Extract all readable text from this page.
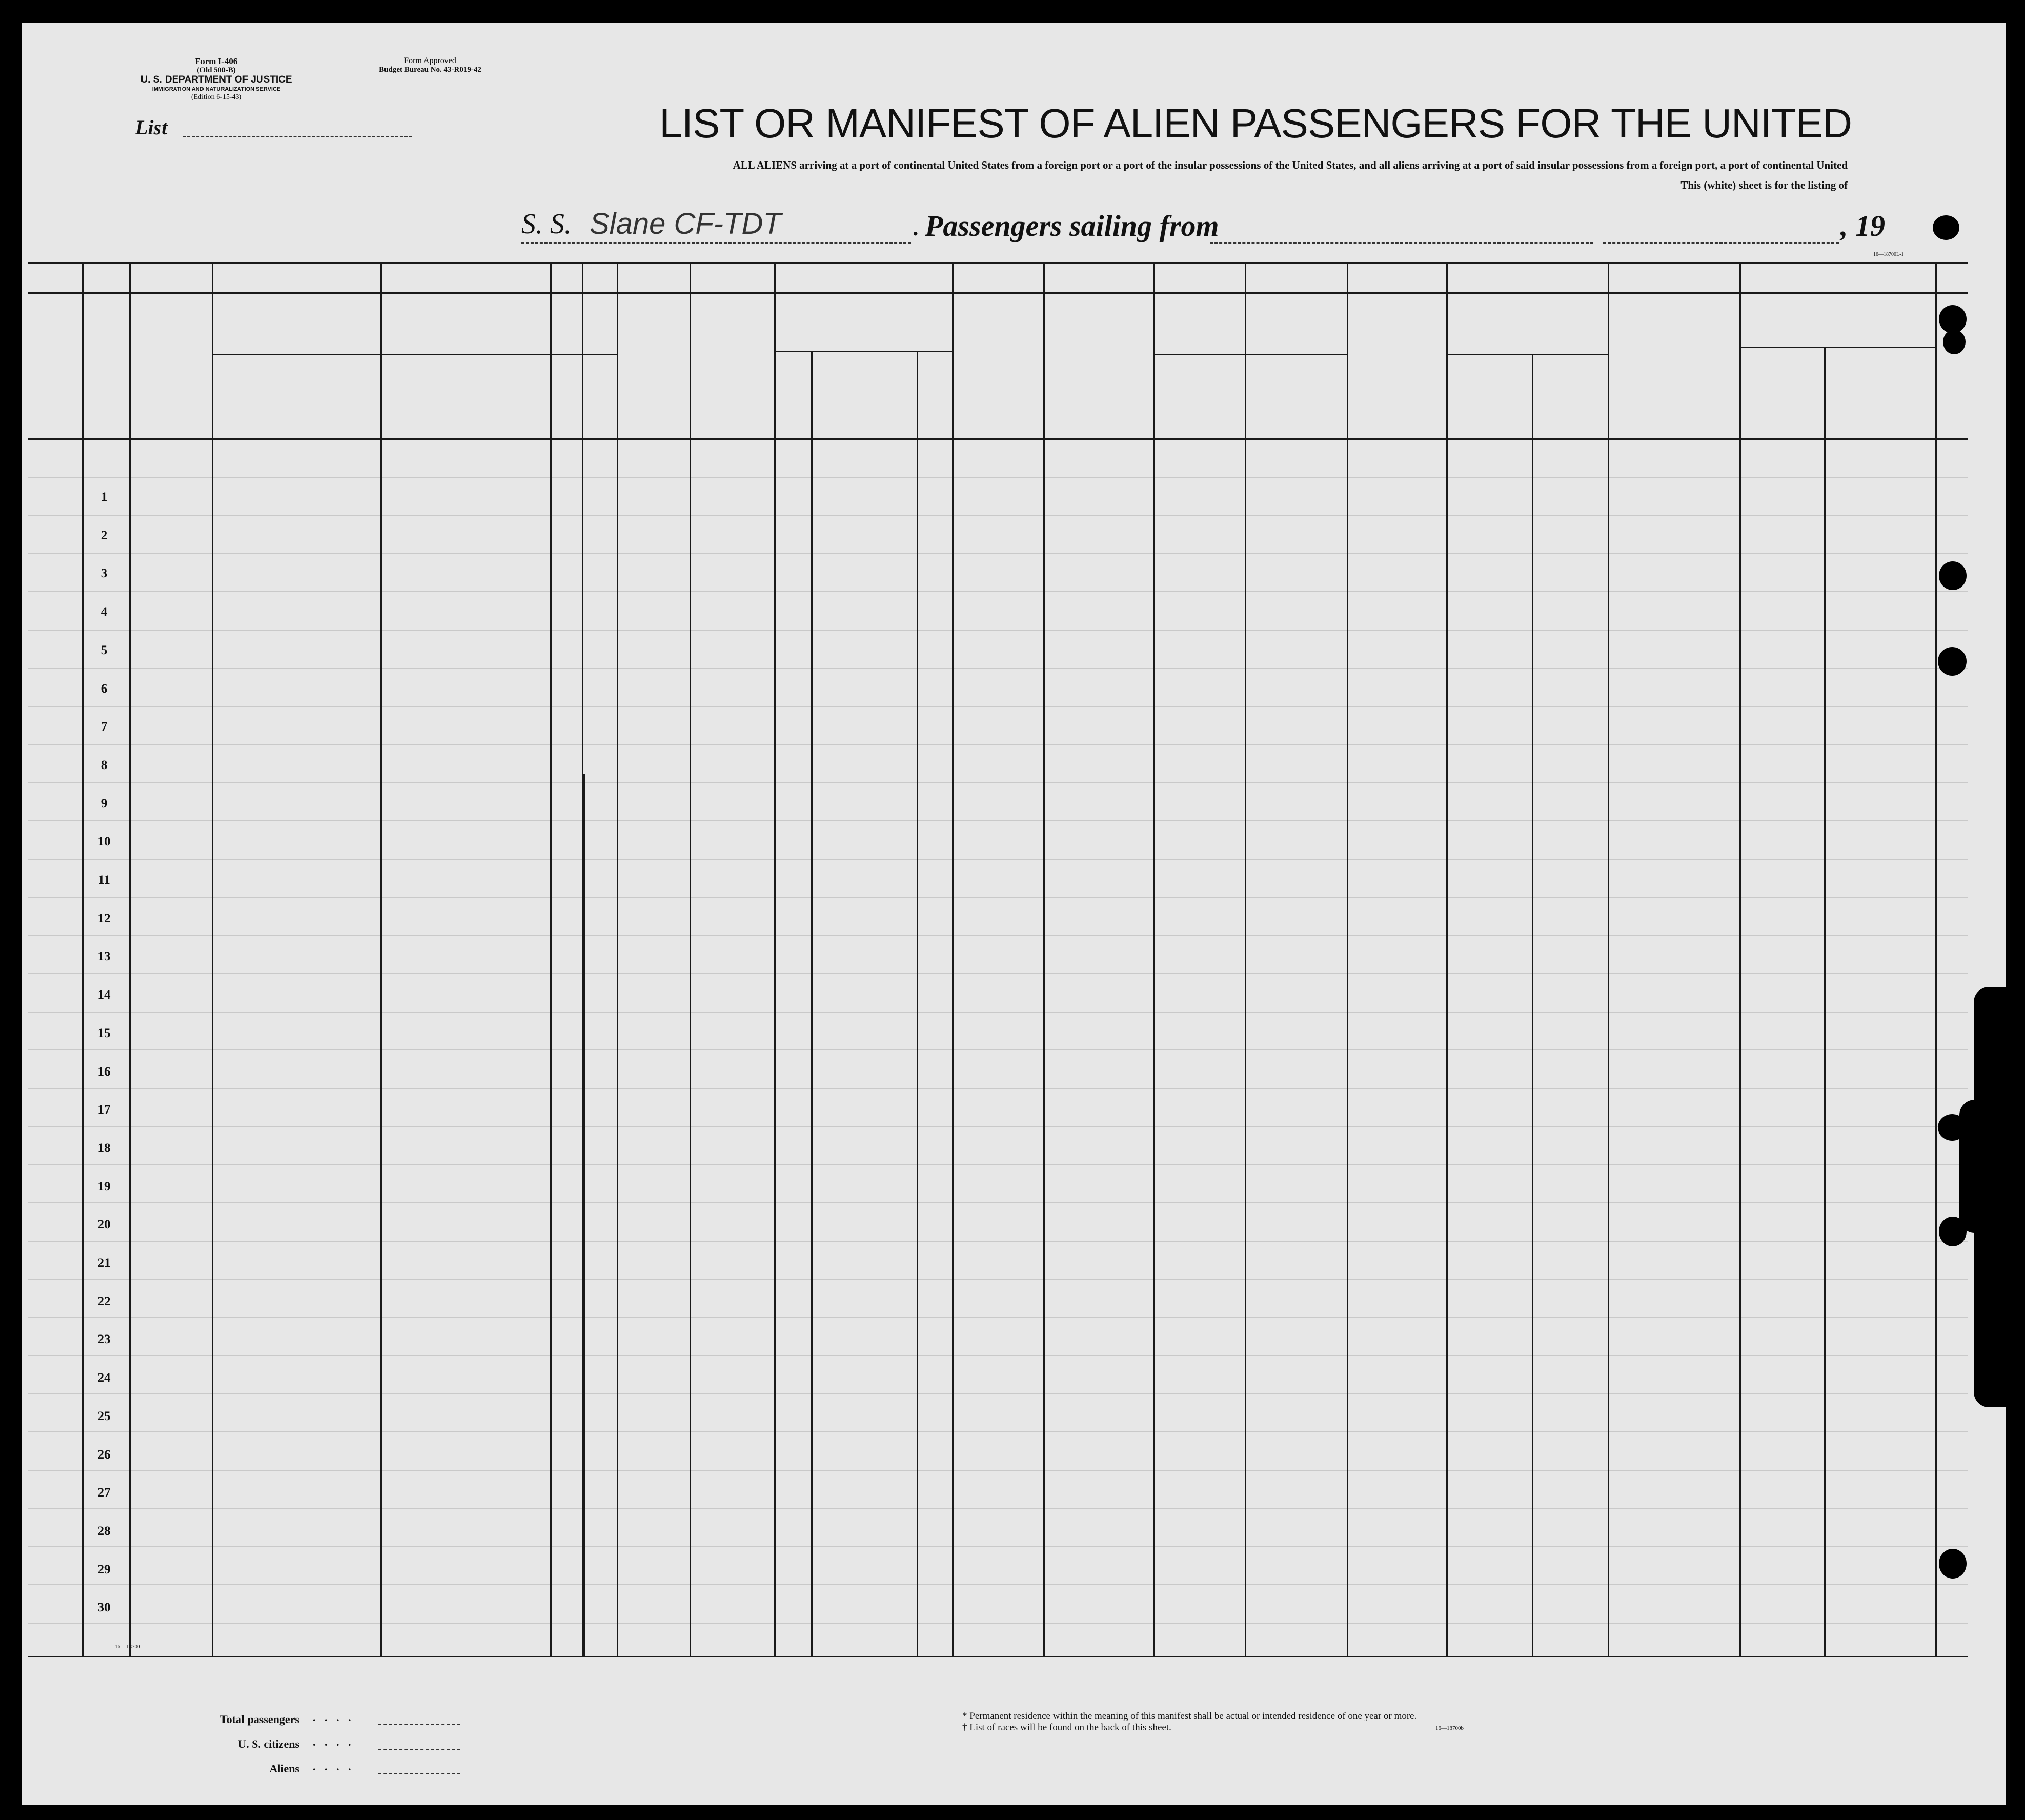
Form I-406
(Old 500-B)
U. S. DEPARTMENT OF JUSTICE
IMMIGRATION AND NATURALIZATION SERVICE
(Edition 6-15-43)
Form Approved
Budget Bureau No. 43-R019-42
List	LIST OR MANIFEST OF ALIEN PASSENGERS FOR THE UNITED
ALL ALIENS arriving at a port of continental United States from a foreign port or a port of the insular possessions of the United States, and all aliens arriving at a port of said insular possessions from a foreign port, a port of continental United
This (white) sheet is for the listing of
S. S. Slane CF-TDT	. Passengers sailing from	, 19
16—18700L-1
1
2
3
4
5
6
7
8
9
10
11
12
13
14
15
16
17
18
19
20
21
22
23
24
25
26
27
28
29
30
16—18700
Total passengers . . . .
U. S. citizens . . . .
Aliens . . . .
* Permanent residence within the meaning of this manifest shall be actual or intended residence of one year or more.
† List of races will be found on the back of this sheet.	16—18700b
